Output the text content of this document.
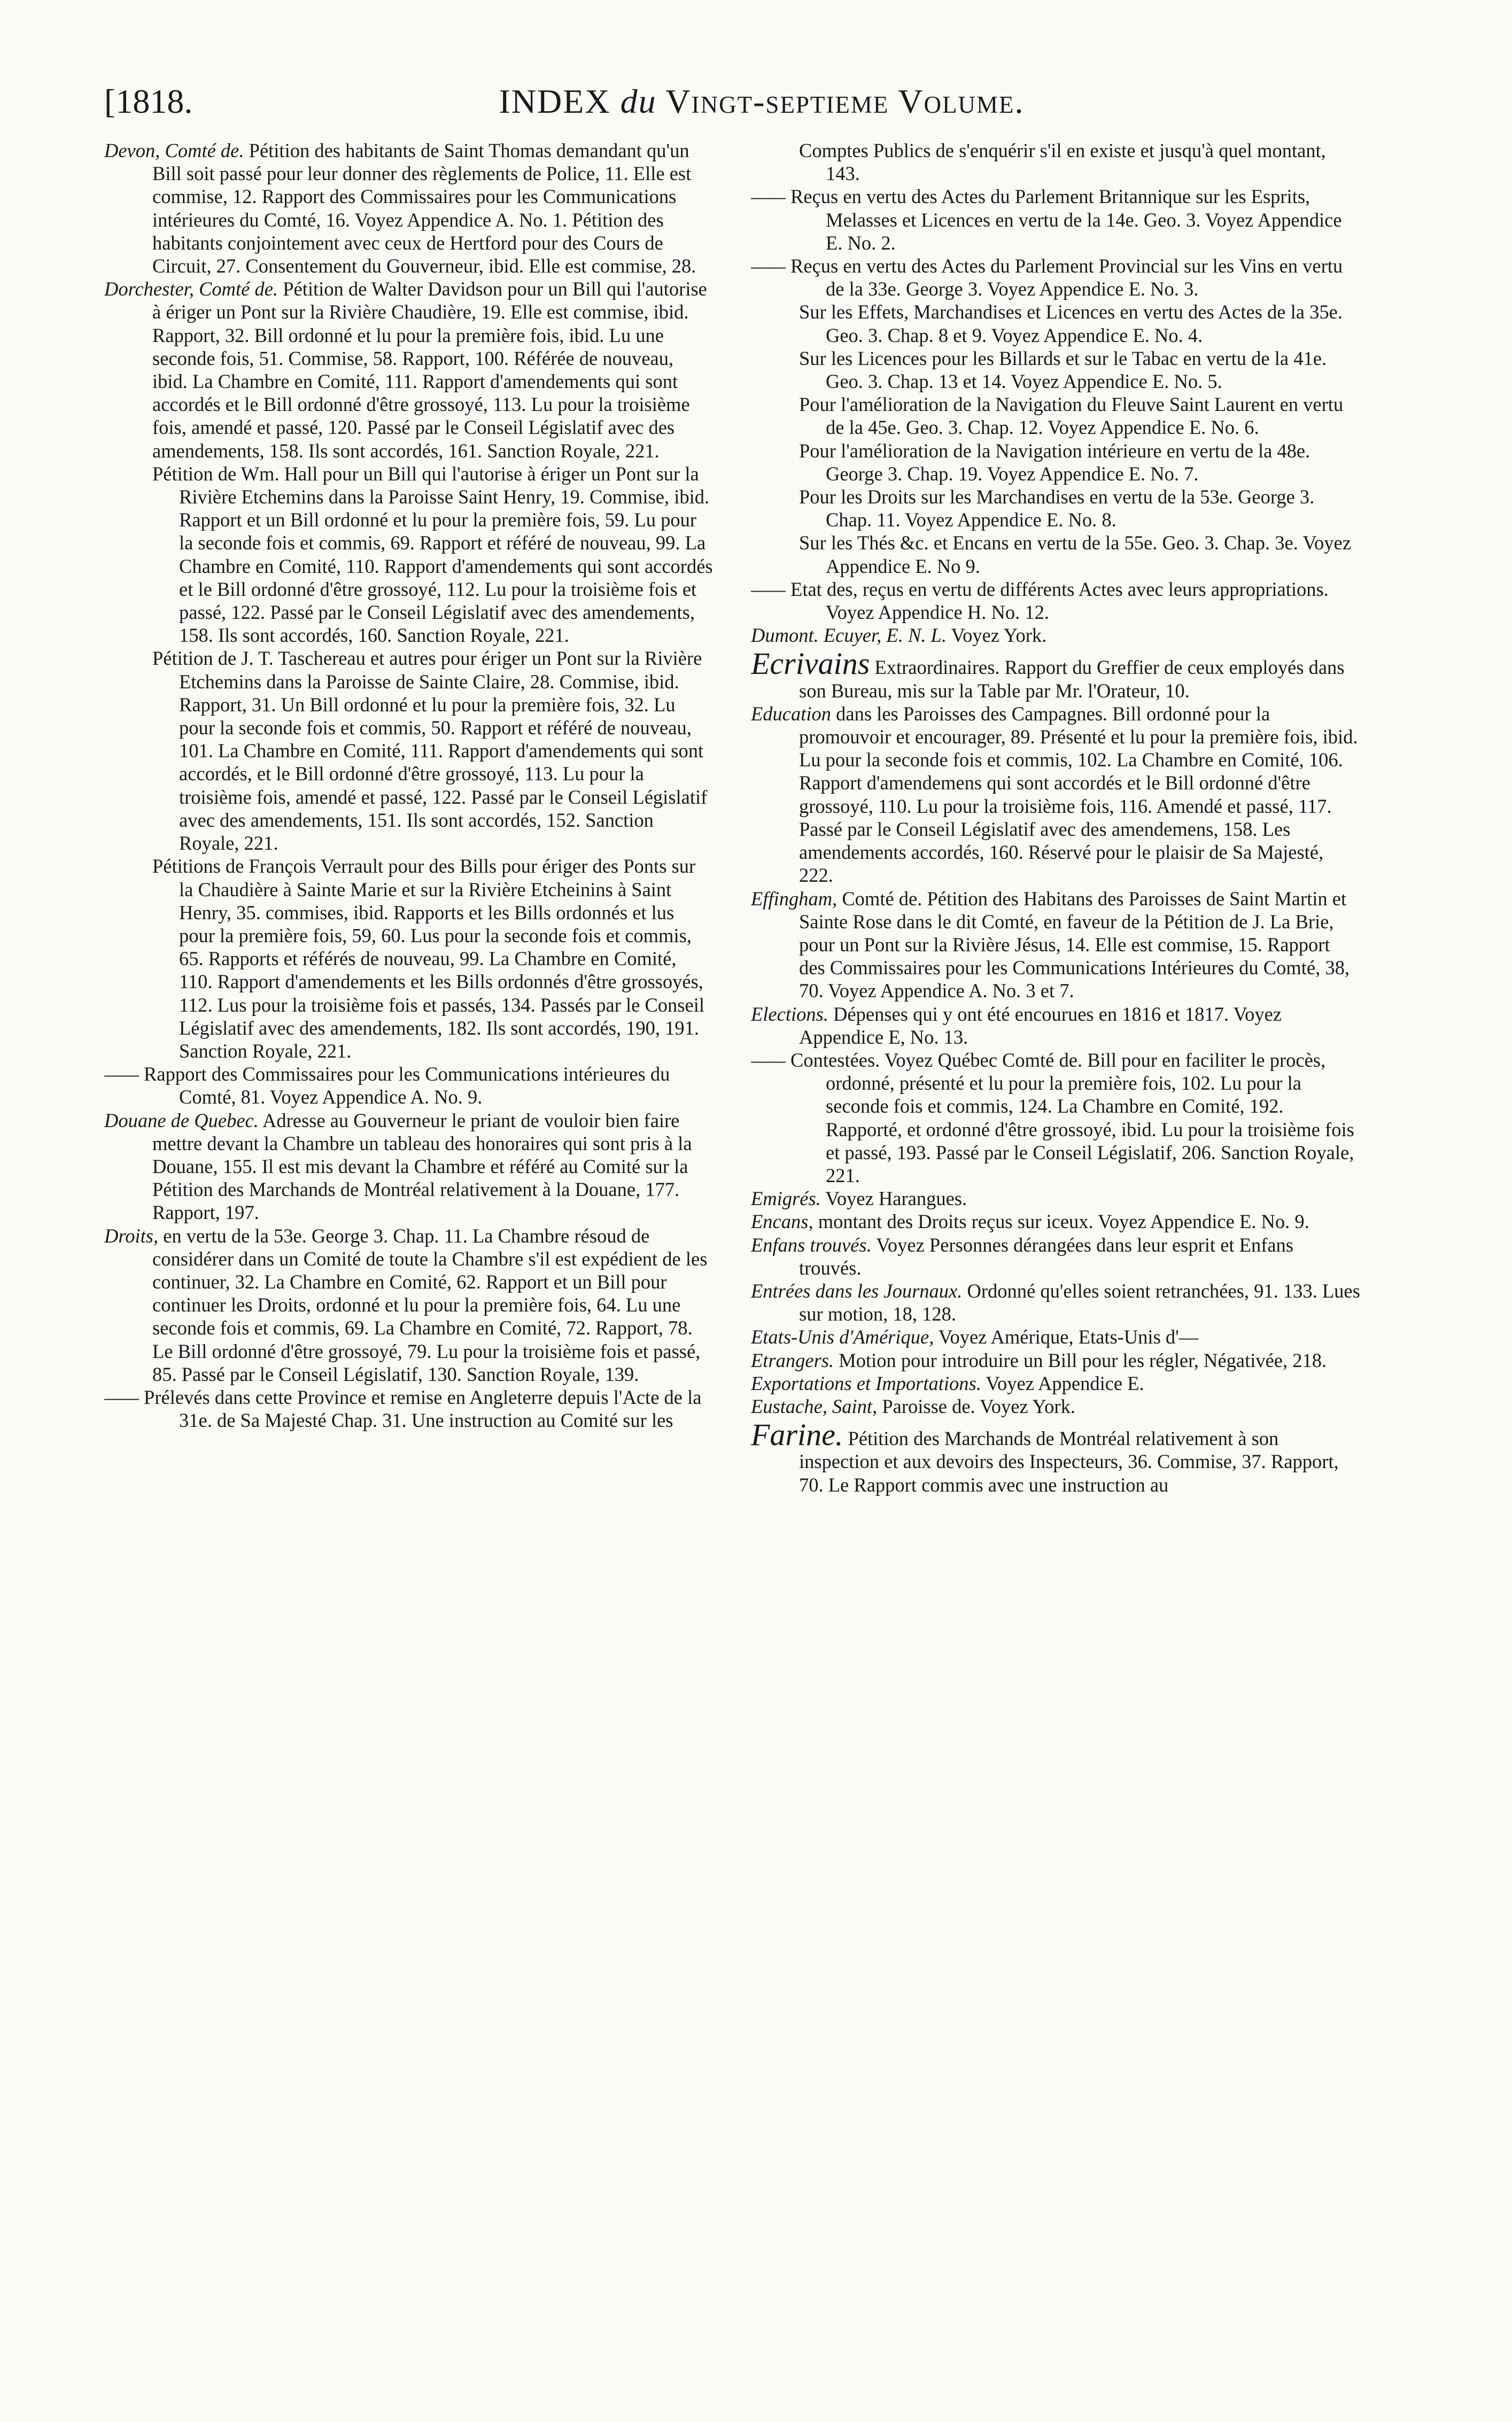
[1818.	INDEX du Vingt-septieme Volume.

Devon, Comté de. Pétition des habitants de Saint Thomas demandant qu'un Bill soit passé pour leur donner des règlements de Police, 11. Elle est commise, 12. Rapport des Commissaires pour les Communications intérieures du Comté, 16. Voyez Appendice A. No. 1. Pétition des habitants conjointement avec ceux de Hertford pour des Cours de Circuit, 27. Consentement du Gouverneur, ibid. Elle est commise, 28.

Dorchester, Comté de. Pétition de Walter Davidson pour un Bill qui l'autorise à ériger un Pont sur la Rivière Chaudière, 19. Elle est commise, ibid. Rapport, 32. Bill ordonné et lu pour la première fois, ibid. Lu une seconde fois, 51. Commise, 58. Rapport, 100. Référée de nouveau, ibid. La Chambre en Comité, 111. Rapport d'amendements qui sont accordés et le Bill ordonné d'être grossoyé, 113. Lu pour la troisième fois, amendé et passé, 120. Passé par le Conseil Législatif avec des amendements, 158. Ils sont accordés, 161. Sanction Royale, 221.

Pétition de Wm. Hall pour un Bill qui l'autorise à ériger un Pont sur la Rivière Etchemins dans la Paroisse Saint Henry, 19. Commise, ibid. Rapport et un Bill ordonné et lu pour la première fois, 59. Lu pour la seconde fois et commis, 69. Rapport et référé de nouveau, 99. La Chambre en Comité, 110. Rapport d'amendements qui sont accordés et le Bill ordonné d'être grossoyé, 112. Lu pour la troisième fois et passé, 122. Passé par le Conseil Législatif avec des amendements, 158. Ils sont accordés, 160. Sanction Royale, 221.

Pétition de J. T. Taschereau et autres pour ériger un Pont sur la Rivière Etchemins dans la Paroisse de Sainte Claire, 28. Commise, ibid. Rapport, 31. Un Bill ordonné et lu pour la première fois, 32. Lu pour la seconde fois et commis, 50. Rapport et référé de nouveau, 101. La Chambre en Comité, 111. Rapport d'amendements qui sont accordés, et le Bill ordonné d'être grossoyé, 113. Lu pour la troisième fois, amendé et passé, 122. Passé par le Conseil Législatif avec des amendements, 151. Ils sont accordés, 152. Sanction Royale, 221.

Pétitions de François Verrault pour des Bills pour ériger des Ponts sur la Chaudière à Sainte Marie et sur la Rivière Etcheinins à Saint Henry, 35. commises, ibid. Rapports et les Bills ordonnés et lus pour la première fois, 59, 60. Lus pour la seconde fois et commis, 65. Rapports et référés de nouveau, 99. La Chambre en Comité, 110. Rapport d'amendements et les Bills ordonnés d'être grossoyés, 112. Lus pour la troisième fois et passés, 134. Passés par le Conseil Législatif avec des amendements, 182. Ils sont accordés, 190, 191. Sanction Royale, 221.

—— Rapport des Commissaires pour les Communications intérieures du Comté, 81. Voyez Appendice A. No. 9.

Douane de Quebec. Adresse au Gouverneur le priant de vouloir bien faire mettre devant la Chambre un tableau des honoraires qui sont pris à la Douane, 155. Il est mis devant la Chambre et référé au Comité sur la Pétition des Marchands de Montréal relativement à la Douane, 177. Rapport, 197.

Droits, en vertu de la 53e. George 3. Chap. 11. La Chambre résoud de considérer dans un Comité de toute la Chambre s'il est expédient de les continuer, 32. La Chambre en Comité, 62. Rapport et un Bill pour continuer les Droits, ordonné et lu pour la première fois, 64. Lu une seconde fois et commis, 69. La Chambre en Comité, 72. Rapport, 78. Le Bill ordonné d'être grossoyé, 79. Lu pour la troisième fois et passé, 85. Passé par le Conseil Législatif, 130. Sanction Royale, 139.

—— Prélevés dans cette Province et remise en Angleterre depuis l'Acte de la 31e. de Sa Majesté Chap. 31. Une instruction au Comité sur les

Comptes Publics de s'enquérir s'il en existe et jusqu'à quel montant, 143.

—— Reçus en vertu des Actes du Parlement Britannique sur les Esprits, Melasses et Licences en vertu de la 14e. Geo. 3. Voyez Appendice E. No. 2.

—— Reçus en vertu des Actes du Parlement Provincial sur les Vins en vertu de la 33e. George 3. Voyez Appendice E. No. 3.

Sur les Effets, Marchandises et Licences en vertu des Actes de la 35e. Geo. 3. Chap. 8 et 9. Voyez Appendice E. No. 4.

Sur les Licences pour les Billards et sur le Tabac en vertu de la 41e. Geo. 3. Chap. 13 et 14. Voyez Appendice E. No. 5.

Pour l'amélioration de la Navigation du Fleuve Saint Laurent en vertu de la 45e. Geo. 3. Chap. 12. Voyez Appendice E. No. 6.

Pour l'amélioration de la Navigation intérieure en vertu de la 48e. George 3. Chap. 19. Voyez Appendice E. No. 7.

Pour les Droits sur les Marchandises en vertu de la 53e. George 3. Chap. 11. Voyez Appendice E. No. 8.

Sur les Thés &c. et Encans en vertu de la 55e. Geo. 3. Chap. 3e. Voyez Appendice E. No 9.

—— Etat des, reçus en vertu de différents Actes avec leurs appropriations. Voyez Appendice H. No. 12.

Dumont. Ecuyer, E. N. L. Voyez York.

Ecrivains Extraordinaires. Rapport du Greffier de ceux employés dans son Bureau, mis sur la Table par Mr. l'Orateur, 10.

Education dans les Paroisses des Campagnes. Bill ordonné pour la promouvoir et encourager, 89. Présenté et lu pour la première fois, ibid. Lu pour la seconde fois et commis, 102. La Chambre en Comité, 106. Rapport d'amendemens qui sont accordés et le Bill ordonné d'être grossoyé, 110. Lu pour la troisième fois, 116. Amendé et passé, 117. Passé par le Conseil Législatif avec des amendemens, 158. Les amendements accordés, 160. Réservé pour le plaisir de Sa Majesté, 222.

Effingham, Comté de. Pétition des Habitans des Paroisses de Saint Martin et Sainte Rose dans le dit Comté, en faveur de la Pétition de J. La Brie, pour un Pont sur la Rivière Jésus, 14. Elle est commise, 15. Rapport des Commissaires pour les Communications Intérieures du Comté, 38, 70. Voyez Appendice A. No. 3 et 7.

Elections. Dépenses qui y ont été encourues en 1816 et 1817. Voyez Appendice E, No. 13.

—— Contestées. Voyez Québec Comté de. Bill pour en faciliter le procès, ordonné, présenté et lu pour la première fois, 102. Lu pour la seconde fois et commis, 124. La Chambre en Comité, 192. Rapporté, et ordonné d'être grossoyé, ibid. Lu pour la troisième fois et passé, 193. Passé par le Conseil Législatif, 206. Sanction Royale, 221.

Emigrés. Voyez Harangues.

Encans, montant des Droits reçus sur iceux. Voyez Appendice E. No. 9.

Enfans trouvés. Voyez Personnes dérangées dans leur esprit et Enfans trouvés.

Entrées dans les Journaux. Ordonné qu'elles soient retranchées, 91. 133. Lues sur motion, 18, 128.

Etats-Unis d'Amérique, Voyez Amérique, Etats-Unis d'—

Etrangers. Motion pour introduire un Bill pour les régler, Négativée, 218.

Exportations et Importations. Voyez Appendice E.

Eustache, Saint, Paroisse de. Voyez York.

Farine. Pétition des Marchands de Montréal relativement à son inspection et aux devoirs des Inspecteurs, 36. Commise, 37. Rapport, 70. Le Rapport commis avec une instruction au
